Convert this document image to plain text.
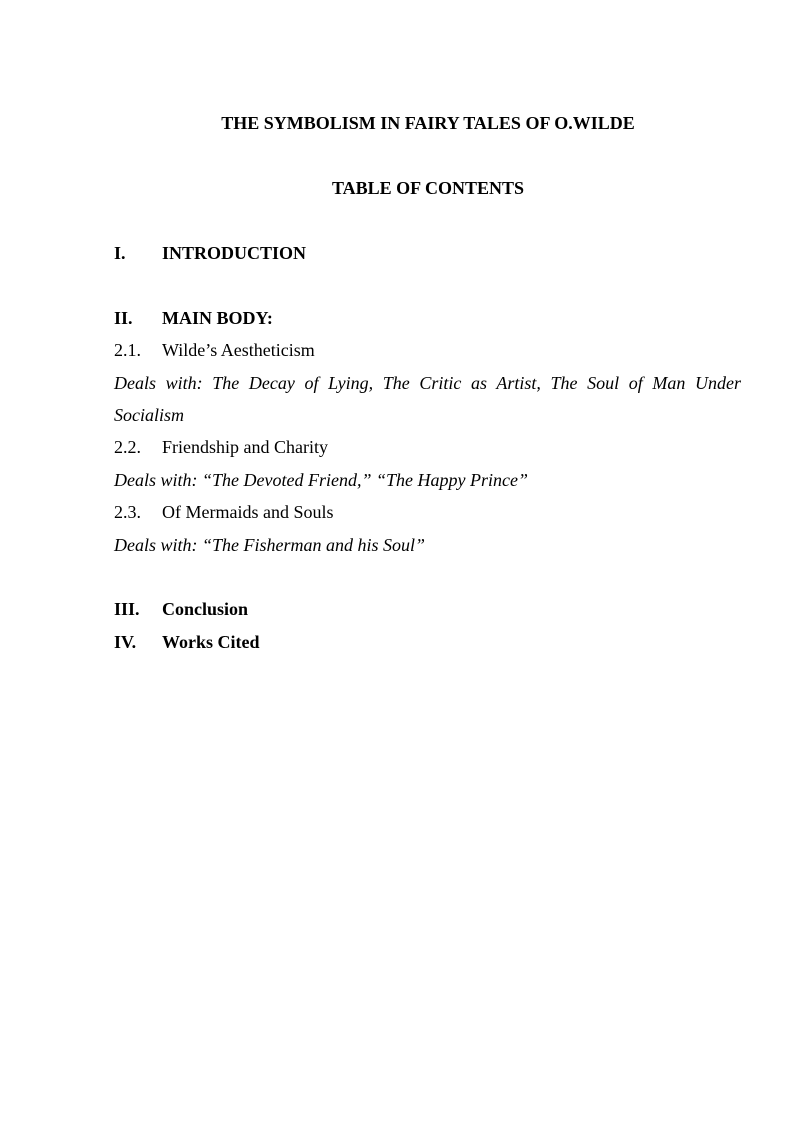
THE SYMBOLISM IN FAIRY TALES OF O.WILDE
TABLE OF CONTENTS
I. INTRODUCTION
II. MAIN BODY:
2.1. Wilde’s Aestheticism
Deals with: The Decay of Lying, The Critic as Artist, The Soul of Man Under
Socialism
2.2. Friendship and Charity
Deals with: “The Devoted Friend,” “The Happy Prince”
2.3. Of Mermaids and Souls
Deals with: “The Fisherman and his Soul”
III. Conclusion
IV. Works Cited
